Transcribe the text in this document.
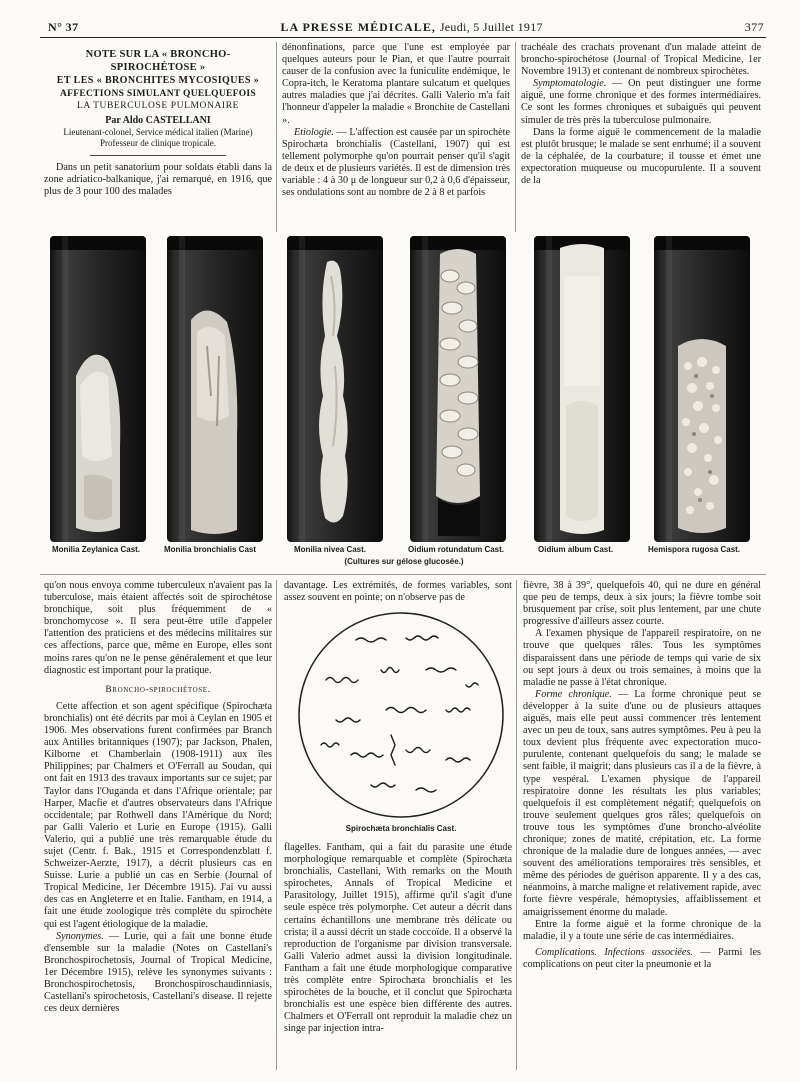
N° 37	LA PRESSE MÉDICALE, Jeudi, 5 Juillet 1917	377
NOTE SUR LA « BRONCHO-SPIROCHÉTOSE »
ET LES « BRONCHITES MYCOSIQUES »
AFFECTIONS SIMULANT QUELQUEFOIS
LA TUBERCULOSE PULMONAIRE
Par Aldo CASTELLANI
Lieutenant-colonel, Service médical italien (Marine)
Professeur de clinique tropicale.

Dans un petit sanatorium pour soldats établi dans la zone adriatico-balkanique, j'ai remarqué, en 1916, que plus de 3 pour 100 des malades

dénonfinations, parce que l'une est employée par quelques auteurs pour le Pian, et que l'autre pourrait causer de la confusion avec la funiculite endémique, le Copra-itch, le Keratoma plantare sulcatum et quelques autres maladies que j'ai décrites. Galli Valerio m'a fait l'honneur d'appeler la maladie « Bronchite de Castellani ».

Etiologie. — L'affection est causée par un spirochète Spirochæta bronchialis (Castellani, 1907) qui est tellement polymorphe qu'on pourrait penser qu'il s'agit de deux et de plusieurs variétés. Il est de dimension très variable : 4 à 30 μ de longueur sur 0,2 à 0,6 d'épaisseur, ses ondulations sont au nombre de 2 à 8 et parfois

trachéale des crachats provenant d'un malade atteint de broncho-spirochétose (Journal of Tropical Medicine, 1er Novembre 1913) et contenant de nombreux spirochètes.

Symptomatologie. — On peut distinguer une forme aiguë, une forme chronique et des formes intermédiaires. Ce sont les formes chroniques et subaiguës qui peuvent simuler de très près la tuberculose pulmonaire.

Dans la forme aiguë le commencement de la maladie est plutôt brusque; le malade se sent enrhumé; il a souvent de la céphalée, de la courbature; il tousse et émet une expectoration muqueuse ou mucopurulente. Il a souvent de la

Monilia Zeylanica Cast.	Monilia bronchialis Cast	Monilia nivea Cast.	Oidium rotundatum Cast.	Oidium album Cast.	Hemispora rugosa Cast.
(Cultures sur gélose glucosée.)

qu'on nous envoya comme tuberculeux n'avaient pas la tuberculose, mais étaient affectés soit de spirochétose bronchique, soit plus fréquemment de « bronchomycose ». Il sera peut-être utile d'appeler l'attention des praticiens et des médecins militaires sur ces affections, parce que, même en Europe, elles sont moins rares qu'on ne le pense généralement et que leur diagnostic est important pour la pratique.

Broncho-spirochétose.

Cette affection et son agent spécifique (Spirochæta bronchialis) ont été décrits par moi à Ceylan en 1905 et 1906. Mes observations furent confirmées par Branch aux Antilles britanniques (1907); par Jackson, Phalen, Kilborne et Chamberlain (1908-1911) aux îles Philippines; par Chalmers et O'Ferrall au Soudan, qui ont fait en 1913 des travaux importants sur ce sujet; par Taylor dans l'Ouganda et dans l'Afrique orientale; par Harper, Macfie et d'autres observateurs dans l'Afrique occidentale; par Rothwell dans l'Amérique du Nord; par Galli Valerio et Lurie en Europe (1915). Galli Valerio, qui a publié une très remarquable étude du sujet (Centr. f. Bak., 1915 et Correspondenzblatt f. Schweizer-Aerzte, 1917), a décrit plusieurs cas en Suisse. Lurie a publié un cas en Serbie (Journal of Tropical Medicine, 1er Décembre 1915). J'ai vu aussi des cas en Angleterre et en Italie. Fantham, en 1914, a fait une étude zoologique très complète du spirochète qui est l'agent étiologique de la maladie.

Synonymes. — Lurie, qui a fait une bonne étude d'ensemble sur la maladie (Notes on Castellani's Bronchospirochetosis, Journal of Tropical Medicine, 1er Décembre 1915), relève les synonymes suivants : Bronchospirochetosis, Bronchospiroschaudinniasis, Castellani's spirochetosis, Castellani's disease. Il rejette ces deux dernières

davantage. Les extrémités, de formes variables, sont assez souvent en pointe; on n'observe pas de

Spirochæta bronchialis Cast.

flagelles. Fantham, qui a fait du parasite une étude morphologique remarquable et complète (Spirochæta bronchialis, Castellani, With remarks on the Mouth spirochetes, Annals of Tropical Medicine et Parasitology, Juillet 1915), affirme qu'il s'agit d'une seule espèce très polymorphe. Cet auteur a décrit dans certains échantillons une membrane très délicate ou crista; il a aussi décrit un stade coccoïde. Il a observé la reproduction de l'organisme par division transversale. Galli Valerio admet aussi la division longitudinale. Fantham a fait une étude morphologique comparative très complète entre Spirochæta bronchialis et les spirochètes de la bouche, et il conclut que Spirochæta bronchialis est une espèce bien différente des autres. Chalmers et O'Ferrall ont reproduit la maladie chez un singe par injection intra-

fièvre, 38 à 39°, quelquefois 40, qui ne dure en général que peu de temps, deux à six jours; la fièvre tombe soit brusquement par crise, soit plus lentement, par une chute progressive d'ailleurs assez courte.

A l'examen physique de l'appareil respiratoire, on ne trouve que quelques râles. Tous les symptômes disparaissent dans une période de temps qui varie de six ou sept jours à deux ou trois semaines, à moins que la maladie ne passe à l'état chronique.

Forme chronique. — La forme chronique peut se développer à la suite d'une ou de plusieurs attaques aiguës, mais elle peut aussi commencer très lentement avec un peu de toux, sans autres symptômes. Peu à peu la toux devient plus fréquente avec expectoration muco-purulente, contenant quelquefois du sang; le malade se sent faible, il maigrit; dans plusieurs cas il a de la fièvre, à type vespéral. L'examen physique de l'appareil respiratoire donne les résultats les plus variables; quelquefois il est complètement négatif; quelquefois on trouve seulement quelques gros râles; quelquefois on trouve tous les symptômes d'une broncho-alvéolite chronique; zones de matité, crépitation, etc. La forme chronique de la maladie dure de longues années, — avec souvent des améliorations temporaires très sensibles, et même des périodes de guérison apparente. Il y a des cas, néanmoins, à marche maligne et relativement rapide, avec forte fièvre vespérale, hémoptysies, affaiblissement et amaigrissement énorme du malade.

Entre la forme aiguë et la forme chronique de la maladie, il y a toute une série de cas intermédiaires.

Complications. Infections associées. — Parmi les complications on peut citer la pneumonie et la
